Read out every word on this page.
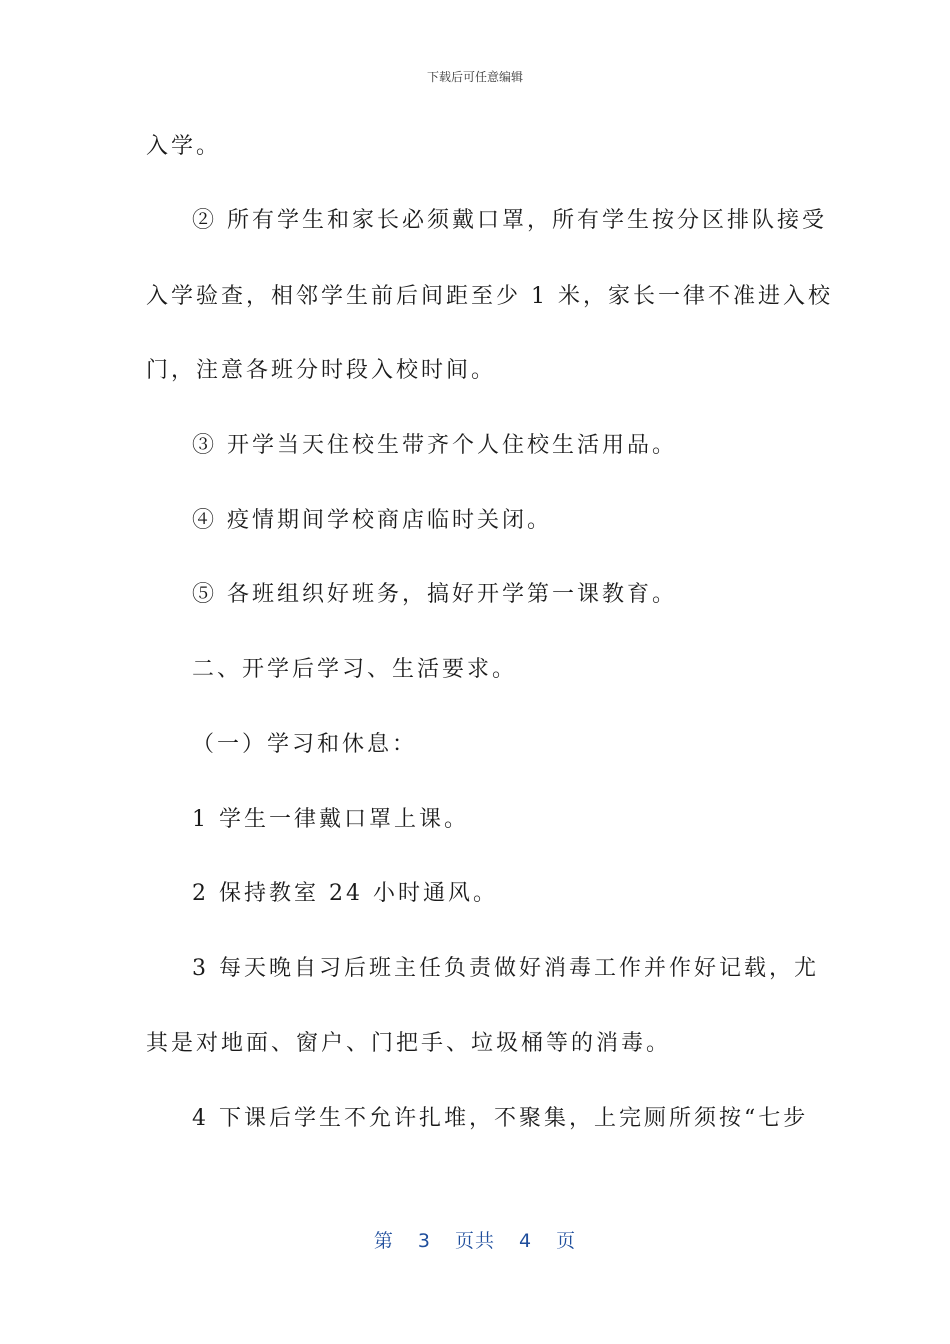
下载后可任意编辑
入学。
② 所有学生和家长必须戴口罩，所有学生按分区排队接受
入学验查，相邻学生前后间距至少 1 米，家长一律不准进入校
门，注意各班分时段入校时间。
③ 开学当天住校生带齐个人住校生活用品。
④ 疫情期间学校商店临时关闭。
⑤ 各班组织好班务，搞好开学第一课教育。
二、开学后学习、生活要求。
（一）学习和休息：
1 学生一律戴口罩上课。
2 保持教室 24 小时通风。
3 每天晚自习后班主任负责做好消毒工作并作好记载，尤
其是对地面、窗户、门把手、垃圾桶等的消毒。
4 下课后学生不允许扎堆，不聚集，上完厕所须按“七步
第 3 页共 4 页
